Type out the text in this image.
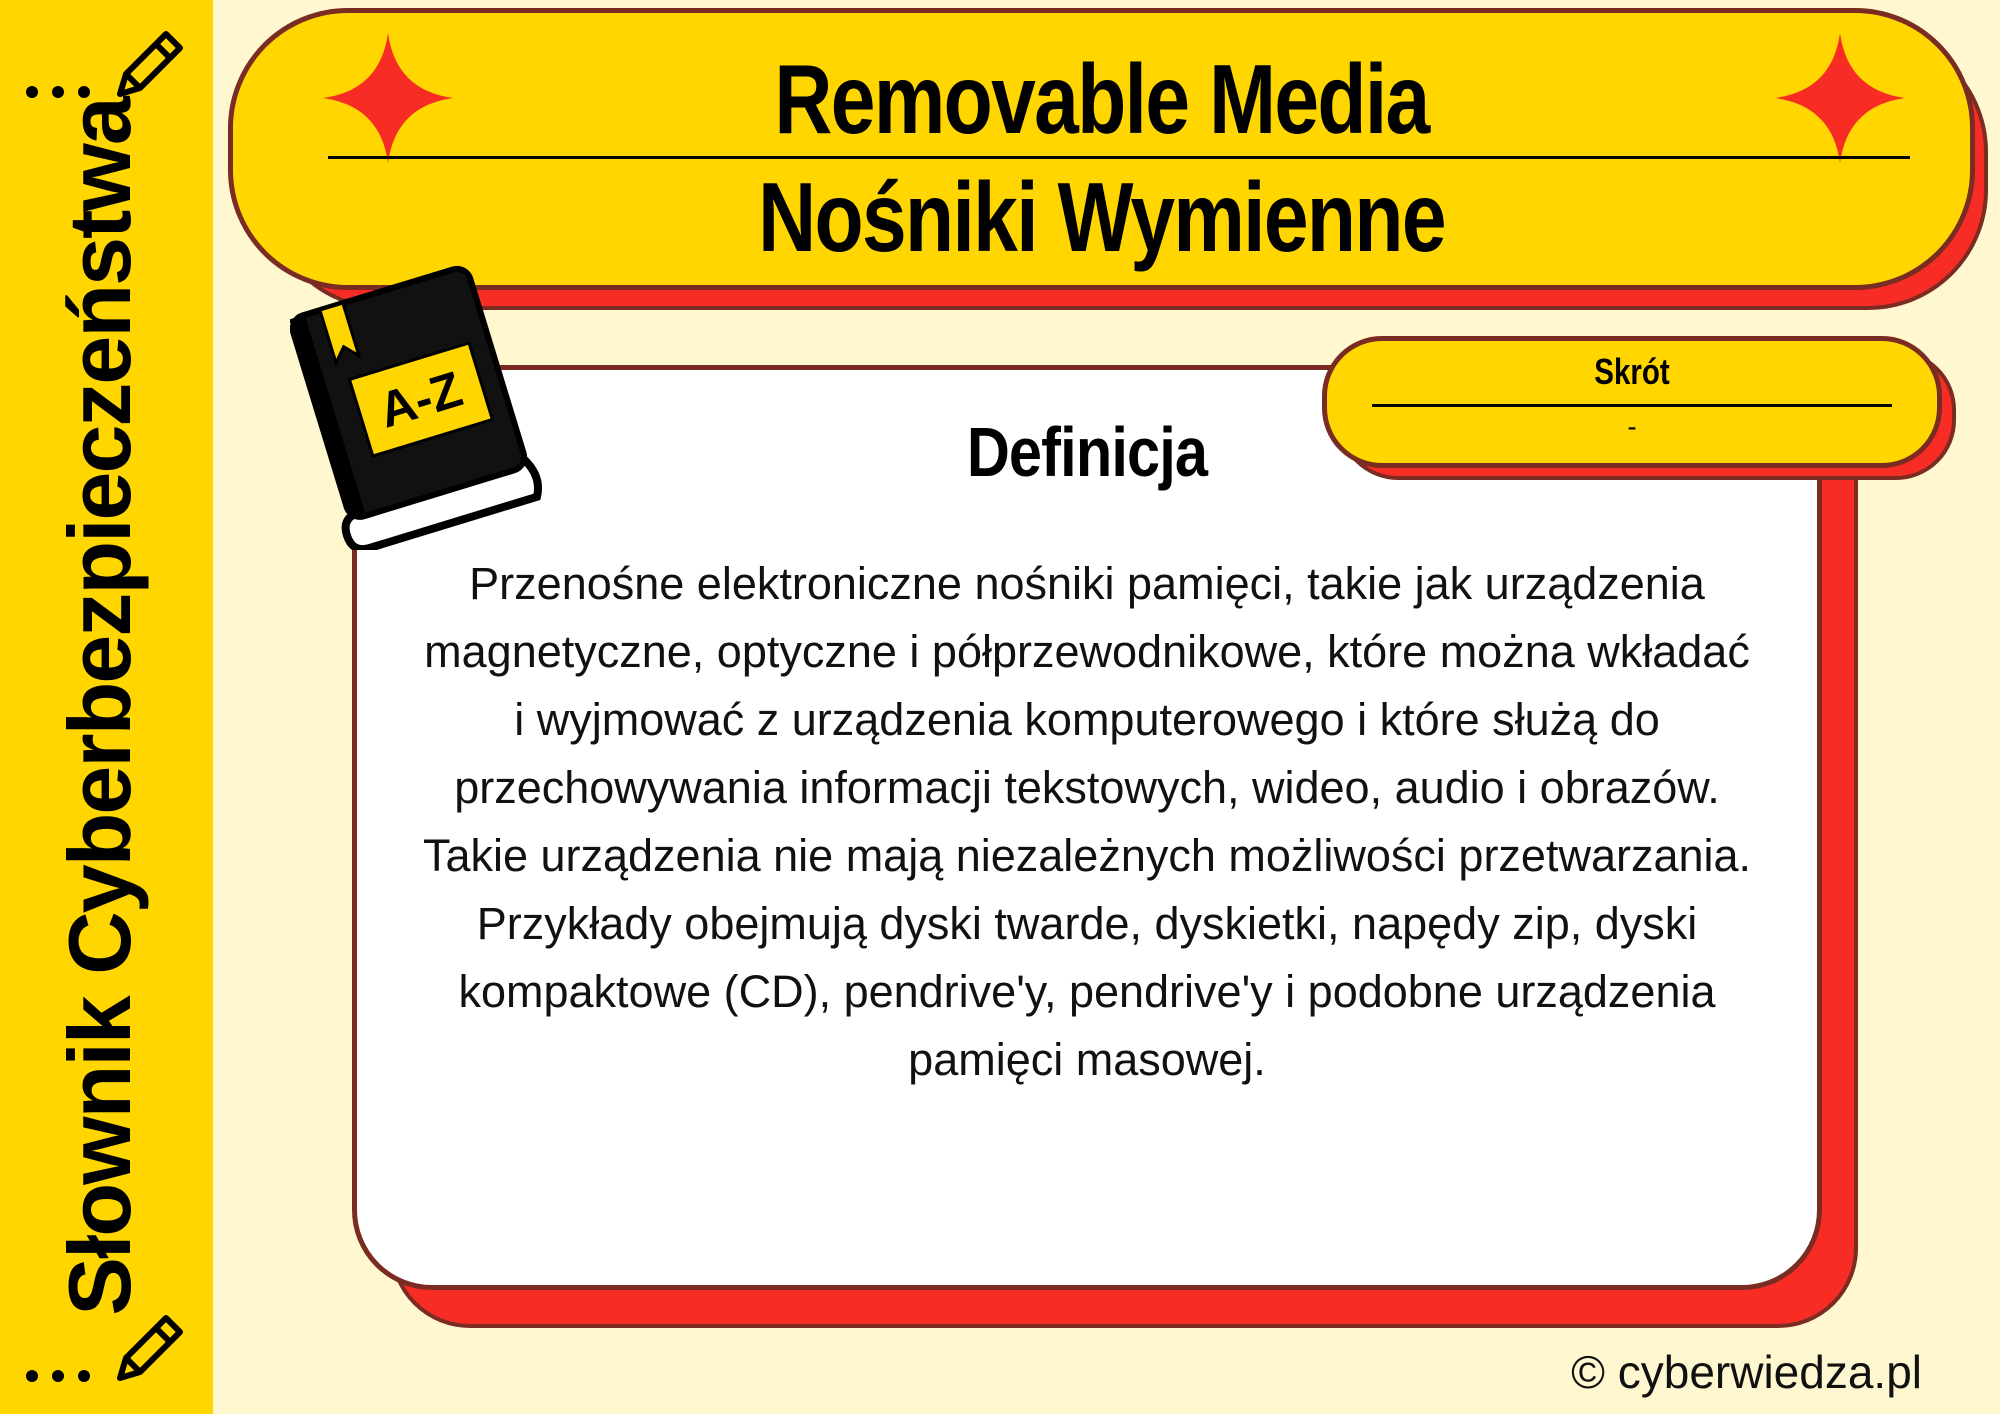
Słownik Cyberbezpieczeństwa	Removable Media
Nośniki Wymienne
Definicja
Przenośne elektroniczne nośniki pamięci, takie jak urządzenia magnetyczne, optyczne i półprzewodnikowe, które można wkładać i wyjmować z urządzenia komputerowego i które służą do przechowywania informacji tekstowych, wideo, audio i obrazów. Takie urządzenia nie mają niezależnych możliwości przetwarzania. Przykłady obejmują dyski twarde, dyskietki, napędy zip, dyski kompaktowe (CD), pendrive'y, pendrive'y i podobne urządzenia pamięci masowej.
Skrót
-
A-Z
© cyberwiedza.pl
